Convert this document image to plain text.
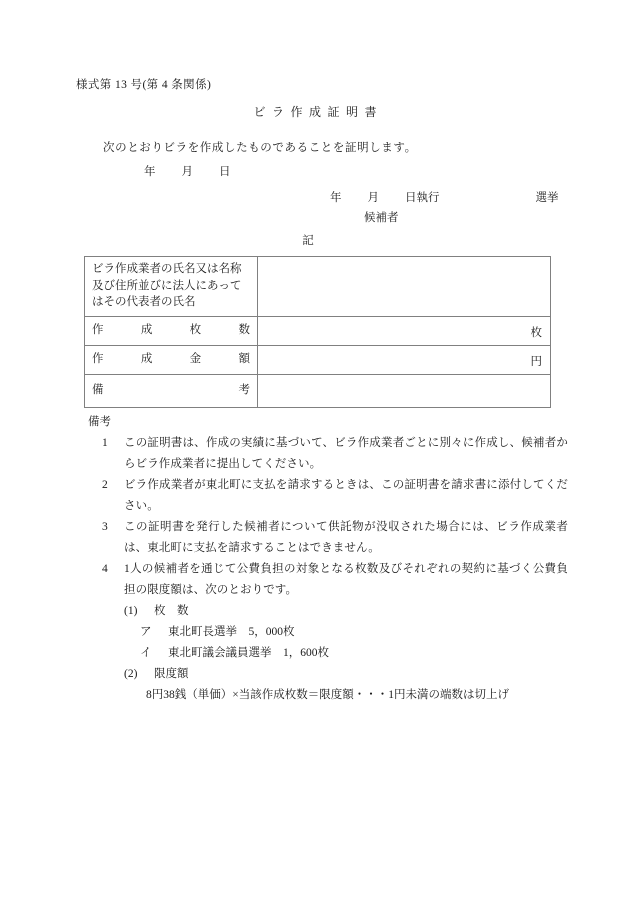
様式第 13 号(第 4 条関係)
ビラ作成証明書
次のとおりビラを作成したものであることを証明します。
年 月 日
年 月 日執行	選挙
候補者
記
ビラ作成業者の氏名又は名称及び住所並びに法人にあってはその代表者の氏名	

作 成 枚 数	枚

作 成 金 額	円

備 考	

備考
1	この証明書は、作成の実績に基づいて、ビラ作成業者ごとに別々に作成し、候補者からビラ作成業者に提出してください。
2	ビラ作成業者が東北町に支払を請求するときは、この証明書を請求書に添付してください。
3	この証明書を発行した候補者について供託物が没収された場合には、ビラ作成業者は、東北町に支払を請求することはできません。
4	1人の候補者を通じて公費負担の対象となる枚数及びそれぞれの契約に基づく公費負担の限度額は、次のとおりです。
(1)	枚　数
ア	東北町長選挙　5，000枚
イ	東北町議会議員選挙　1，600枚
(2)	限度額
8円38銭（単価）×当該作成枚数＝限度額・・・1円未満の端数は切上げ
